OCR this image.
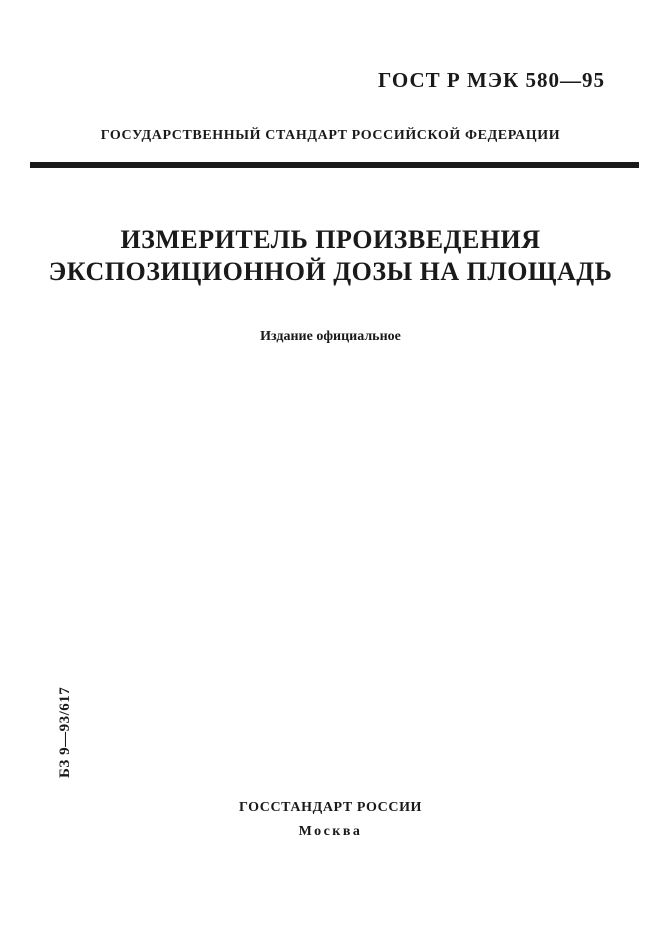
ГОСТ Р МЭК 580—95
ГОСУДАРСТВЕННЫЙ СТАНДАРТ РОССИЙСКОЙ ФЕДЕРАЦИИ
ИЗМЕРИТЕЛЬ ПРОИЗВЕДЕНИЯ
ЭКСПОЗИЦИОННОЙ ДОЗЫ НА ПЛОЩАДЬ
Издание официальное
БЗ 9—93/617
ГОССТАНДАРТ РОССИИ
Москва
